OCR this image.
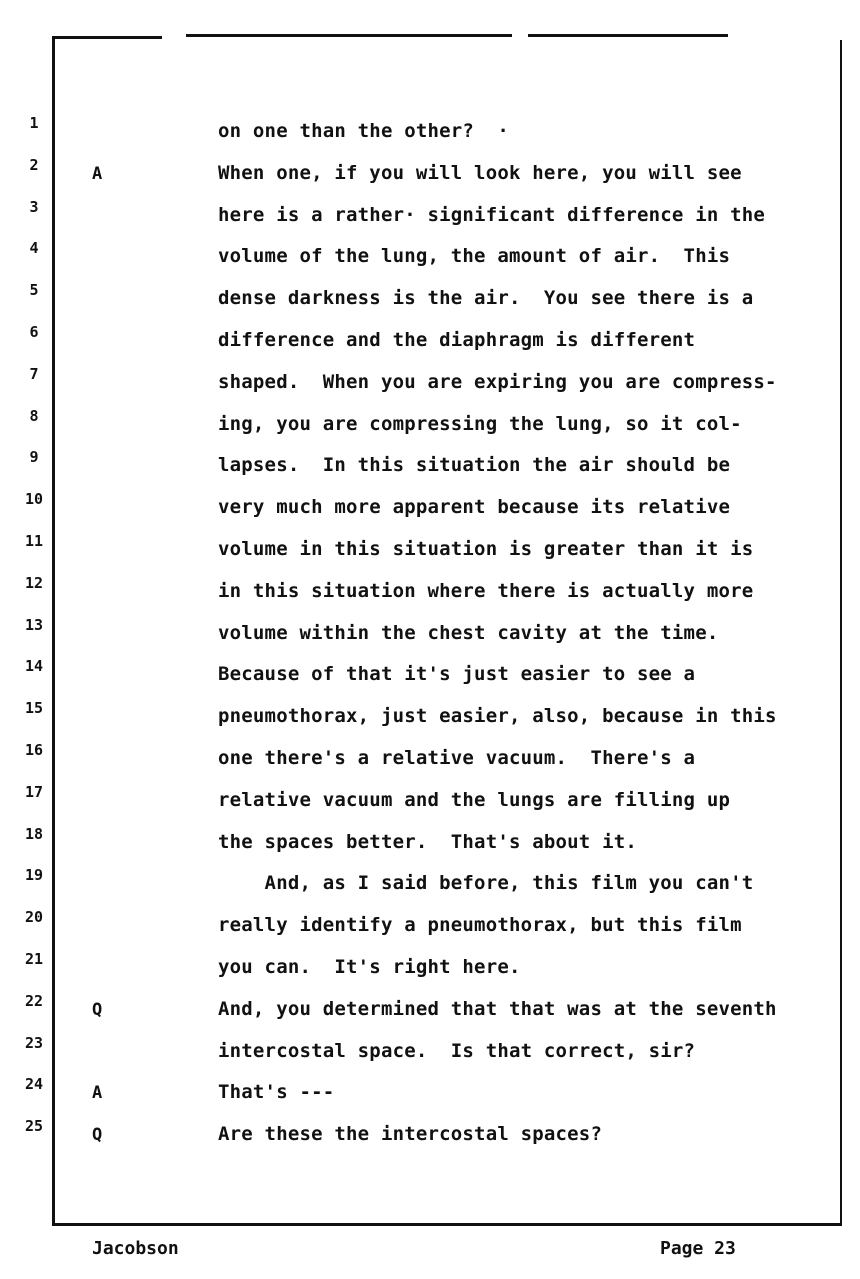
1
2
3
4
5
6
7
8
9
10
11
12
13
14
15
16
17
18
19
20
21
22
23
24
25
A
Q
A
Q
on one than the other?  ·
When one, if you will look here, you will see
here is a rather· significant difference in the
volume of the lung, the amount of air.  This
dense darkness is the air.  You see there is a
difference and the diaphragm is different
shaped.  When you are expiring you are compress-
ing, you are compressing the lung, so it col-
lapses.  In this situation the air should be
very much more apparent because its relative
volume in this situation is greater than it is
in this situation where there is actually more
volume within the chest cavity at the time.
Because of that it's just easier to see a
pneumothorax, just easier, also, because in this
one there's a relative vacuum.  There's a
relative vacuum and the lungs are filling up
the spaces better.  That's about it.
And, as I said before, this film you can't
really identify a pneumothorax, but this film
you can.  It's right here.
And, you determined that that was at the seventh
intercostal space.  Is that correct, sir?
That's ---
Are these the intercostal spaces?
Jacobson	Page 23
